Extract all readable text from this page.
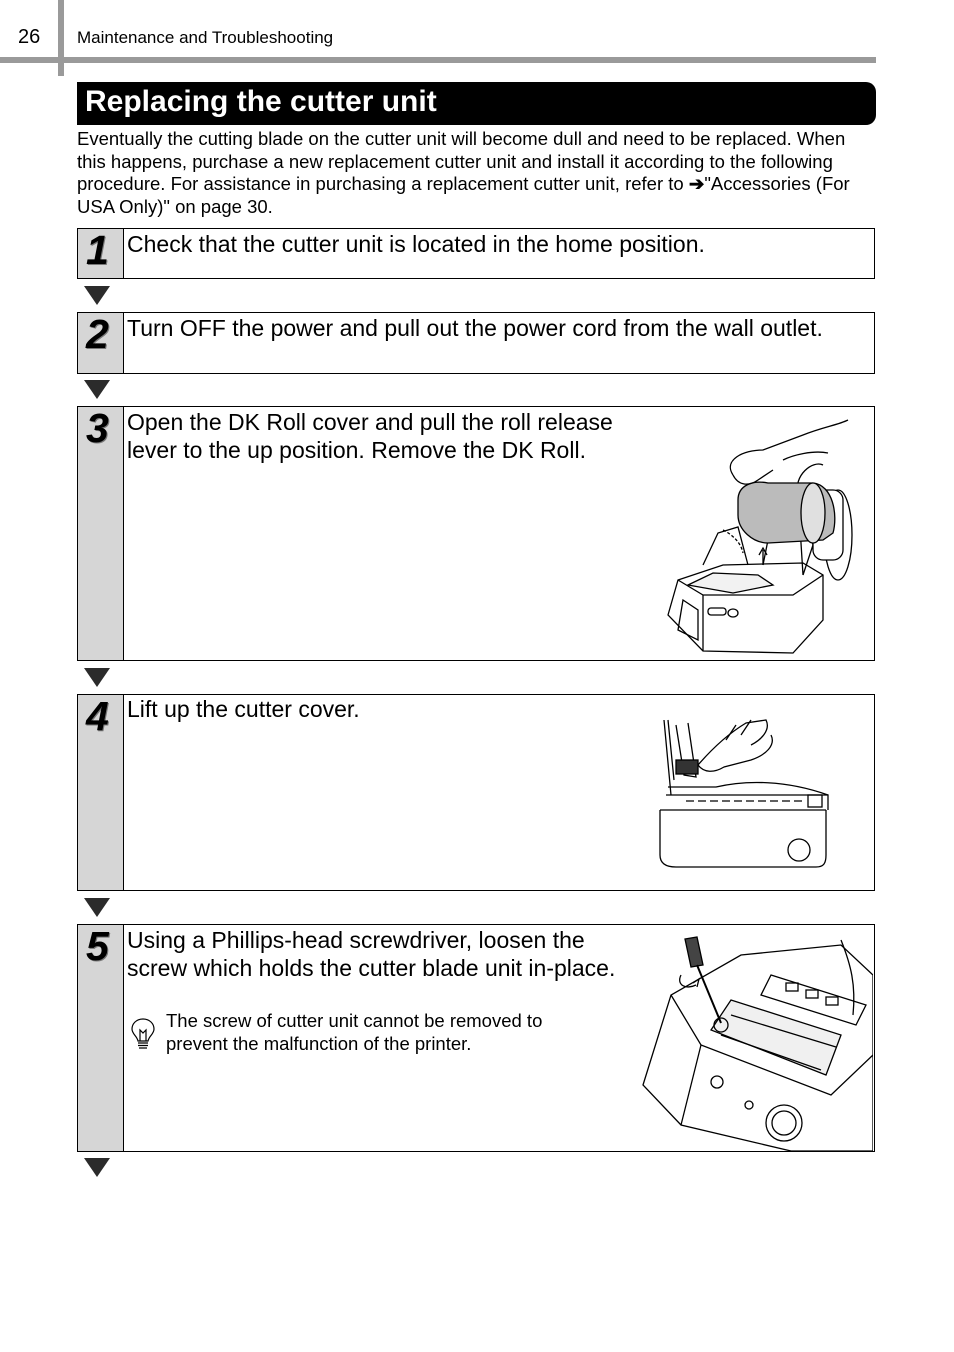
26 Maintenance and Troubleshooting
Replacing the cutter unit
Eventually the cutting blade on the cutter unit will become dull and need to be replaced. When this happens, purchase a new replacement cutter unit and install it according to the following procedure. For assistance in purchasing a replacement cutter unit, refer to ➔"Accessories (For USA Only)" on page 30.
1 Check that the cutter unit is located in the home position.
2 Turn OFF the power and pull out the power cord from the wall outlet.
3 Open the DK Roll cover and pull the roll release lever to the up position. Remove the DK Roll.
4 Lift up the cutter cover.
5 Using a Phillips-head screwdriver, loosen the screw which holds the cutter blade unit in-place.
The screw of cutter unit cannot be removed to prevent the malfunction of the printer.
